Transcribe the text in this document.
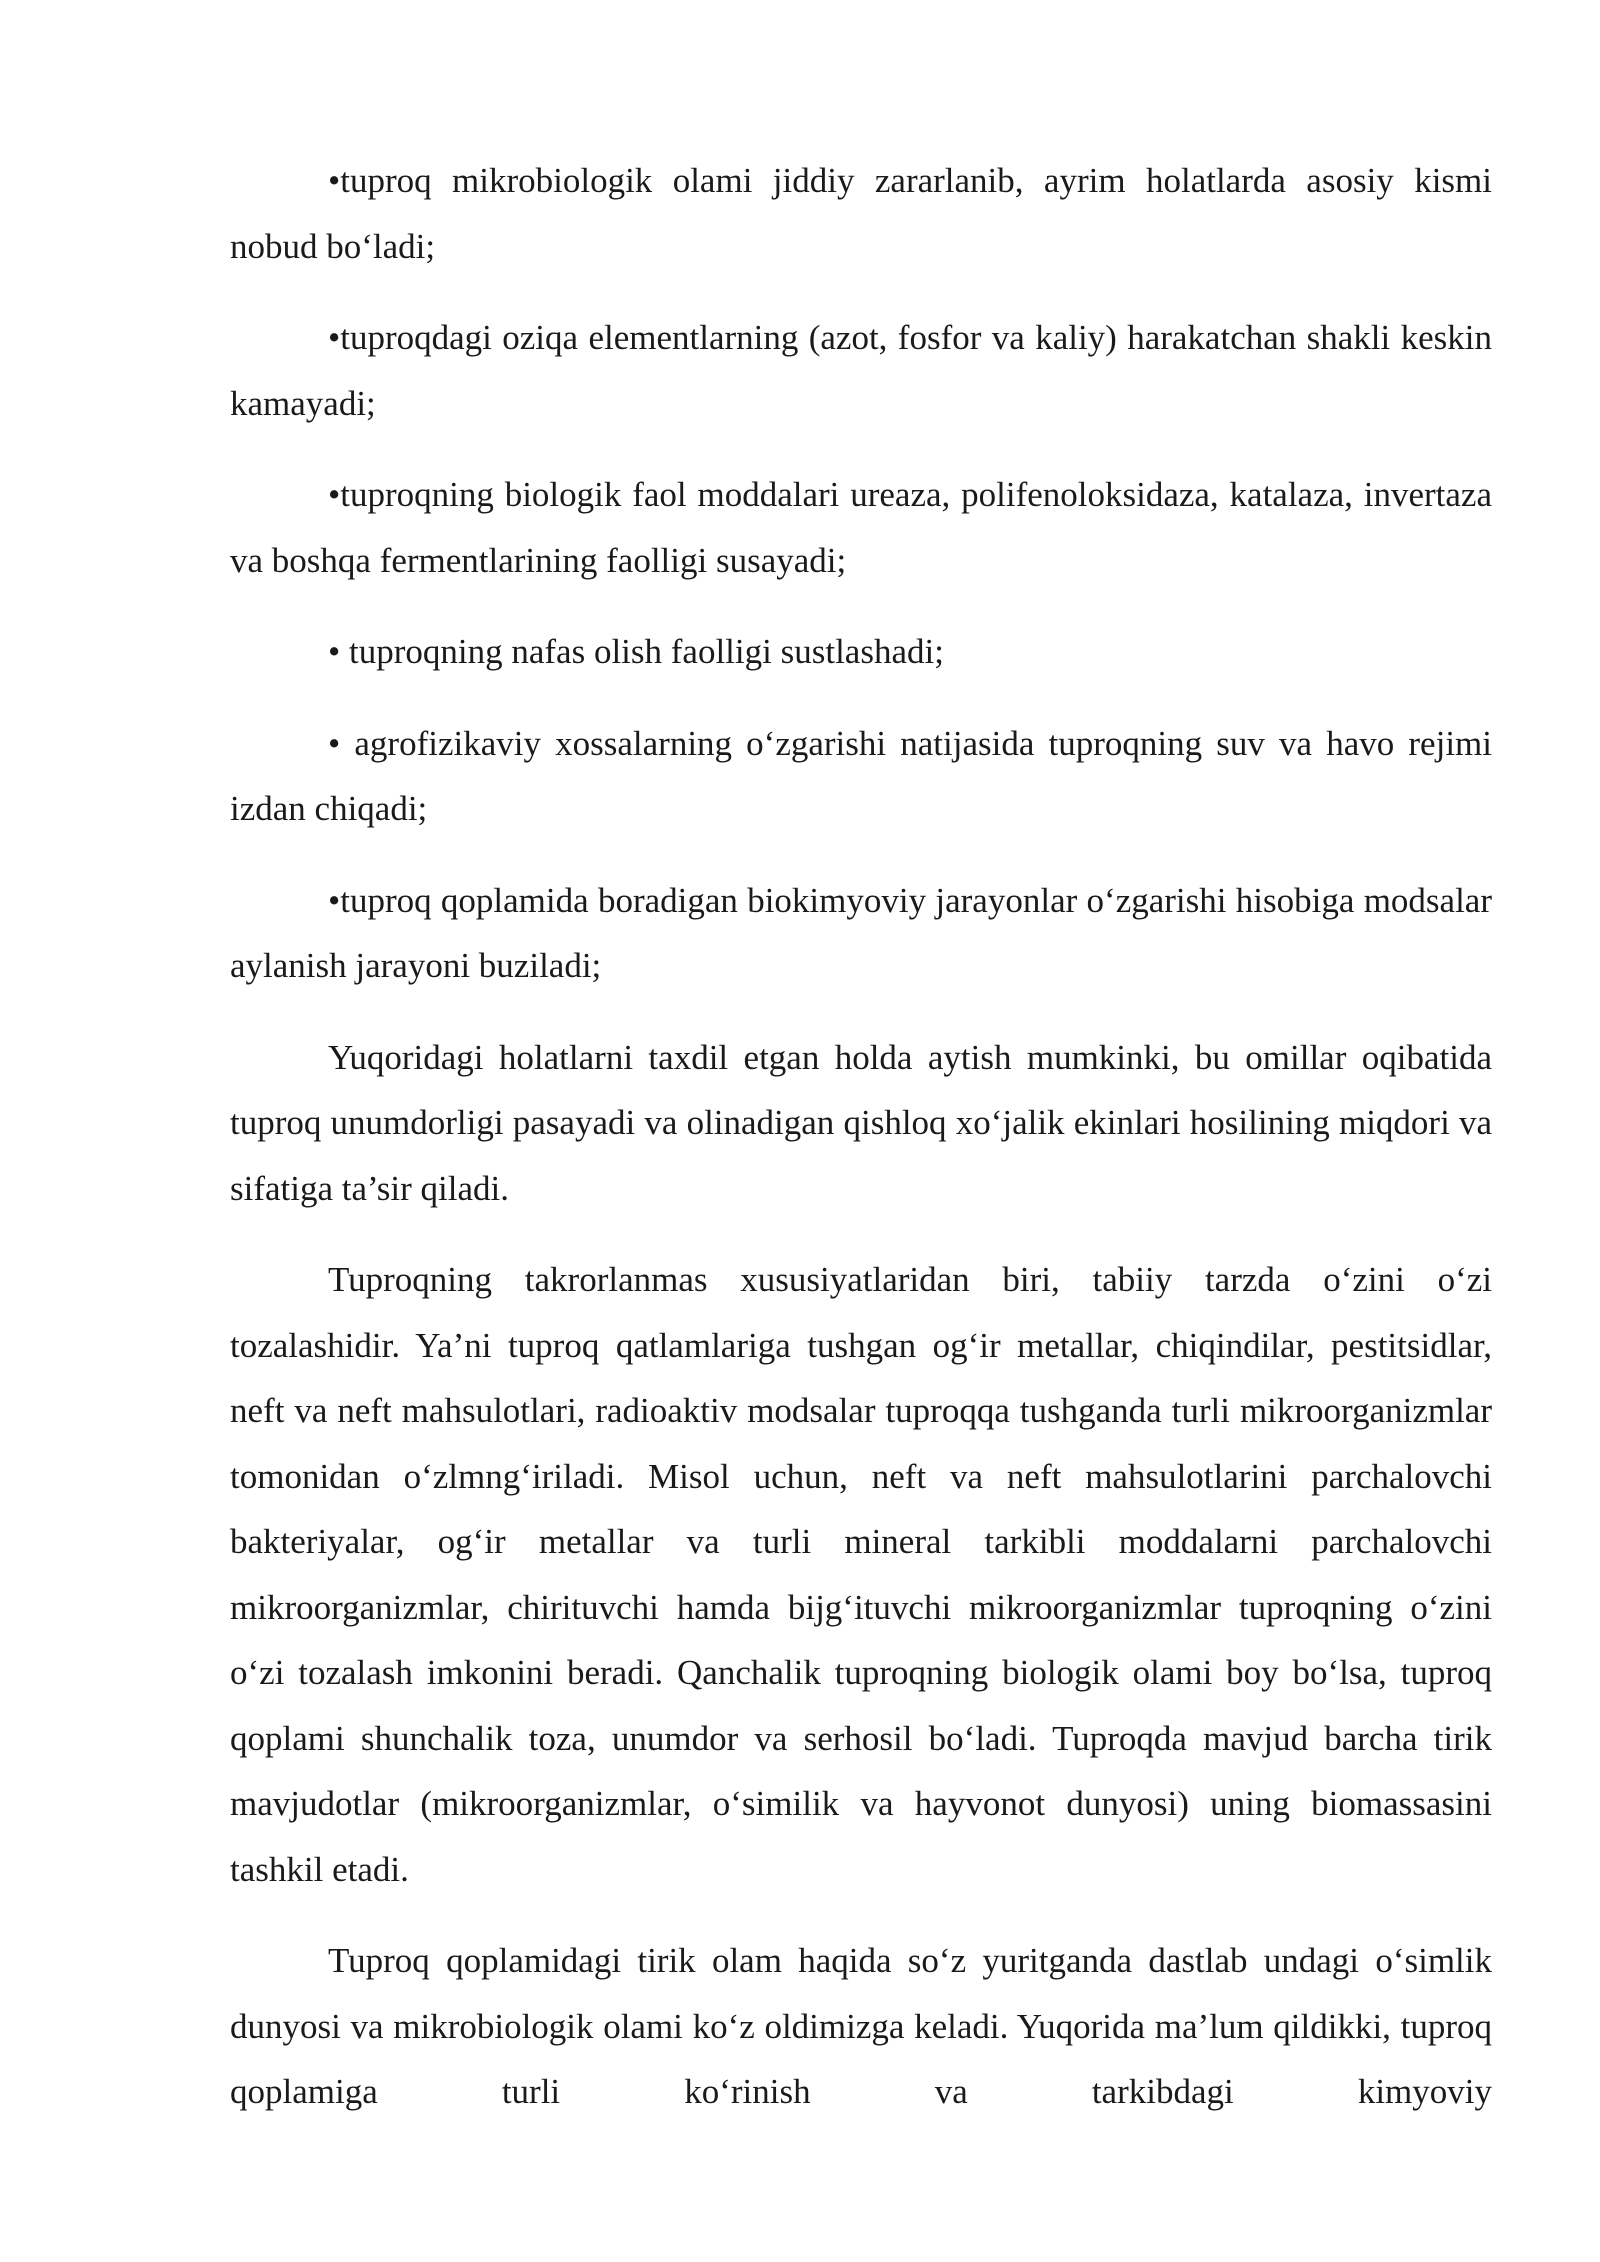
•tuproq mikrobiologik olami jiddiy zararlanib, ayrim holatlarda asosiy kismi nobud bo‘ladi;

•tuproqdagi oziqa elementlarning (azot, fosfor va kaliy) harakatchan shakli keskin kamayadi;

•tuproqning biologik faol moddalari ureaza, polifenoloksidaza, katalaza, invertaza va boshqa fermentlarining faolligi susayadi;

• tuproqning nafas olish faolligi sustlashadi;

• agrofizikaviy xossalarning o‘zgarishi natijasida tuproqning suv va havo rejimi izdan chiqadi;

•tuproq qoplamida boradigan biokimyoviy jarayonlar o‘zgarishi hisobiga modsalar aylanish jarayoni buziladi;

Yuqoridagi holatlarni taxdil etgan holda aytish mumkinki, bu omillar oqibatida tuproq unumdorligi pasayadi va olinadigan qishloq xo‘jalik ekinlari hosilining miqdori va sifatiga ta’sir qiladi.

Tuproqning takrorlanmas xususiyatlaridan biri, tabiiy tarzda o‘zini o‘zi tozalashidir. Ya’ni tuproq qatlamlariga tushgan og‘ir metallar, chiqindilar, pestitsidlar, neft va neft mahsulotlari, radioaktiv modsalar tuproqqa tushganda turli mikroorganizmlar tomonidan o‘zlmng‘iriladi. Misol uchun, neft va neft mahsulotlarini parchalovchi bakteriyalar, og‘ir metallar va turli mineral tarkibli moddalarni parchalovchi mikroorganizmlar, chirituvchi hamda bijg‘ituvchi mikroorganizmlar tuproqning o‘zini o‘zi tozalash imkonini beradi. Qanchalik tuproqning biologik olami boy bo‘lsa, tuproq qoplami shunchalik toza, unumdor va serhosil bo‘ladi. Tuproqda mavjud barcha tirik mavjudotlar (mikroorganizmlar, o‘similik va hayvonot dunyosi) uning biomassasini tashkil etadi.

Tuproq qoplamidagi tirik olam haqida so‘z yuritganda dastlab undagi o‘simlik dunyosi va mikrobiologik olami ko‘z oldimizga keladi. Yuqorida ma’lum qildikki, tuproq qoplamiga turli ko‘rinish va tarkibdagi kimyoviy
